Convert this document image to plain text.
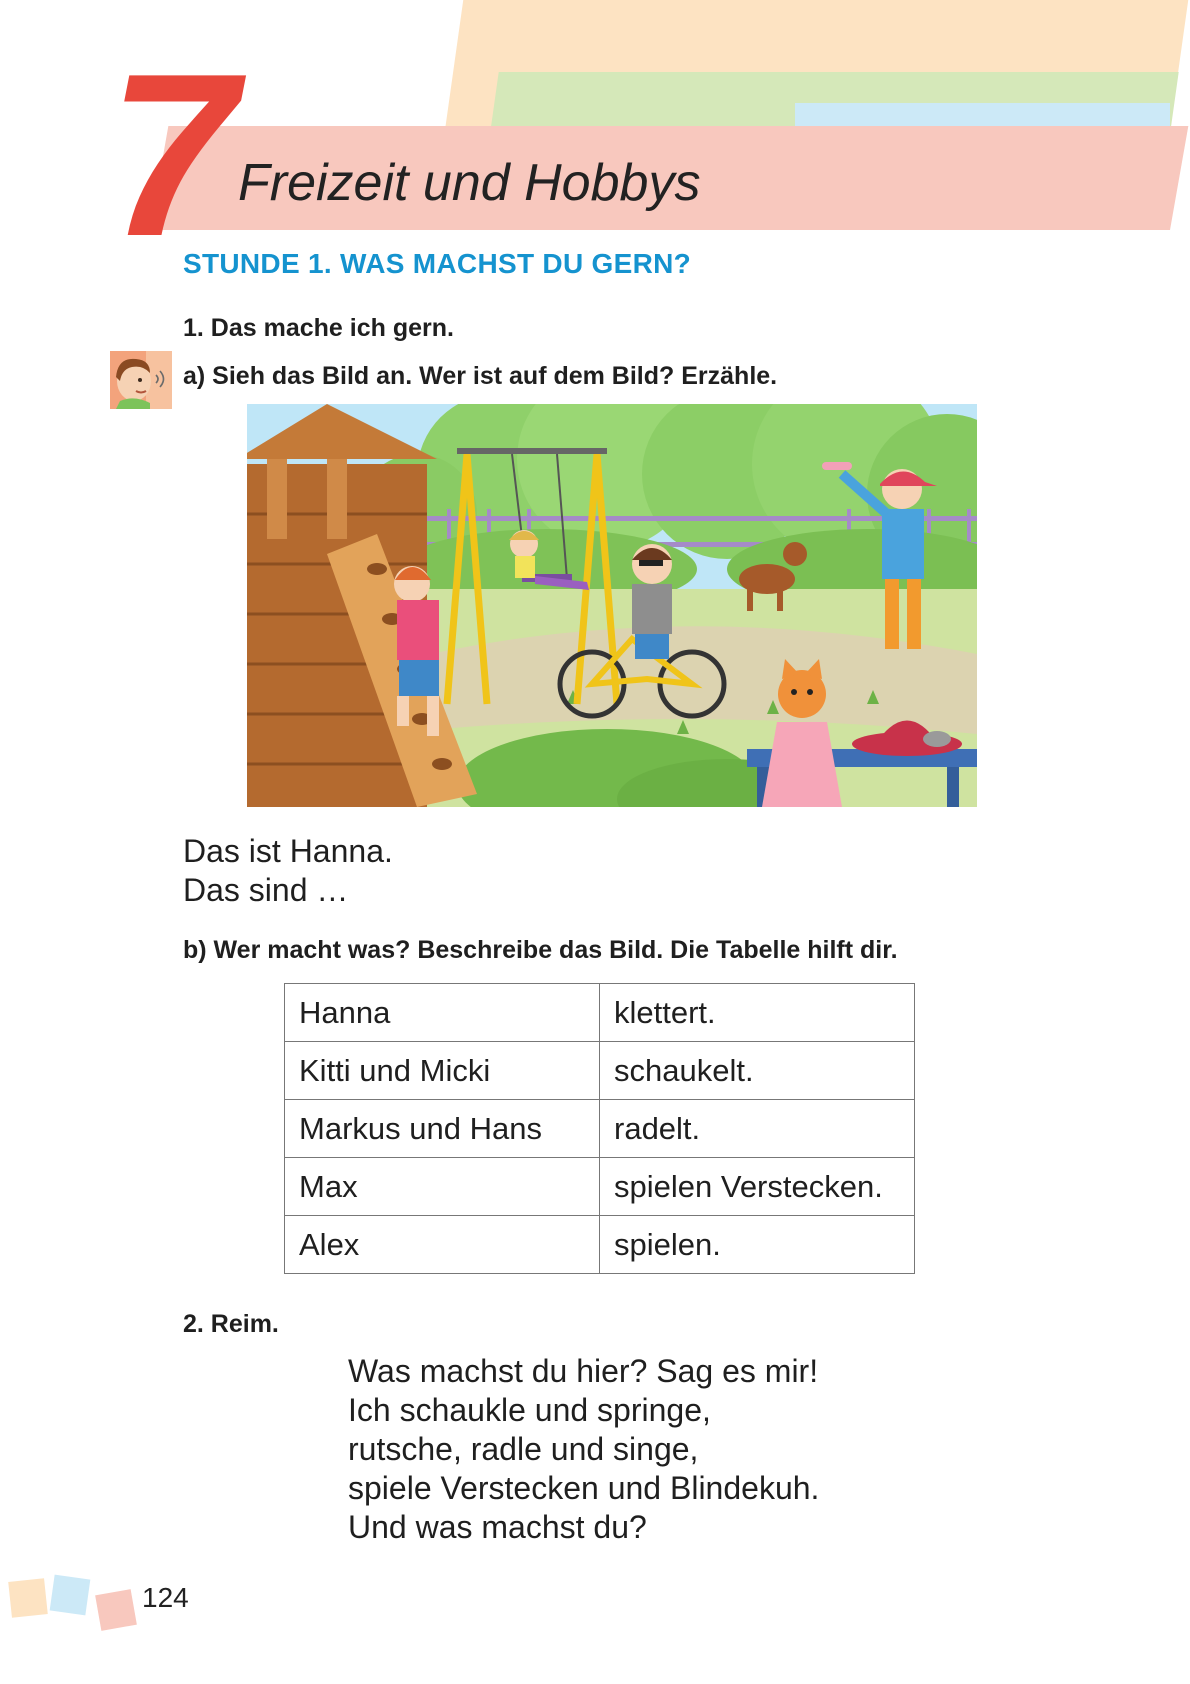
7 Freizeit und Hobbys
STUNDE 1. WAS MACHST DU GERN?
1. Das mache ich gern.
a) Sieh das Bild an. Wer ist auf dem Bild? Erzähle.
Das ist Hanna.
Das sind …
b) Wer macht was? Beschreibe das Bild. Die Tabelle hilft dir.
Hanna	klettert.
Kitti und Micki	schaukelt.
Markus und Hans	radelt.
Max	spielen Verstecken.
Alex	spielen.
2. Reim.
Was machst du hier? Sag es mir!
Ich schaukle und springe,
rutsche, radle und singe,
spiele Verstecken und Blindekuh.
Und was machst du?
124
